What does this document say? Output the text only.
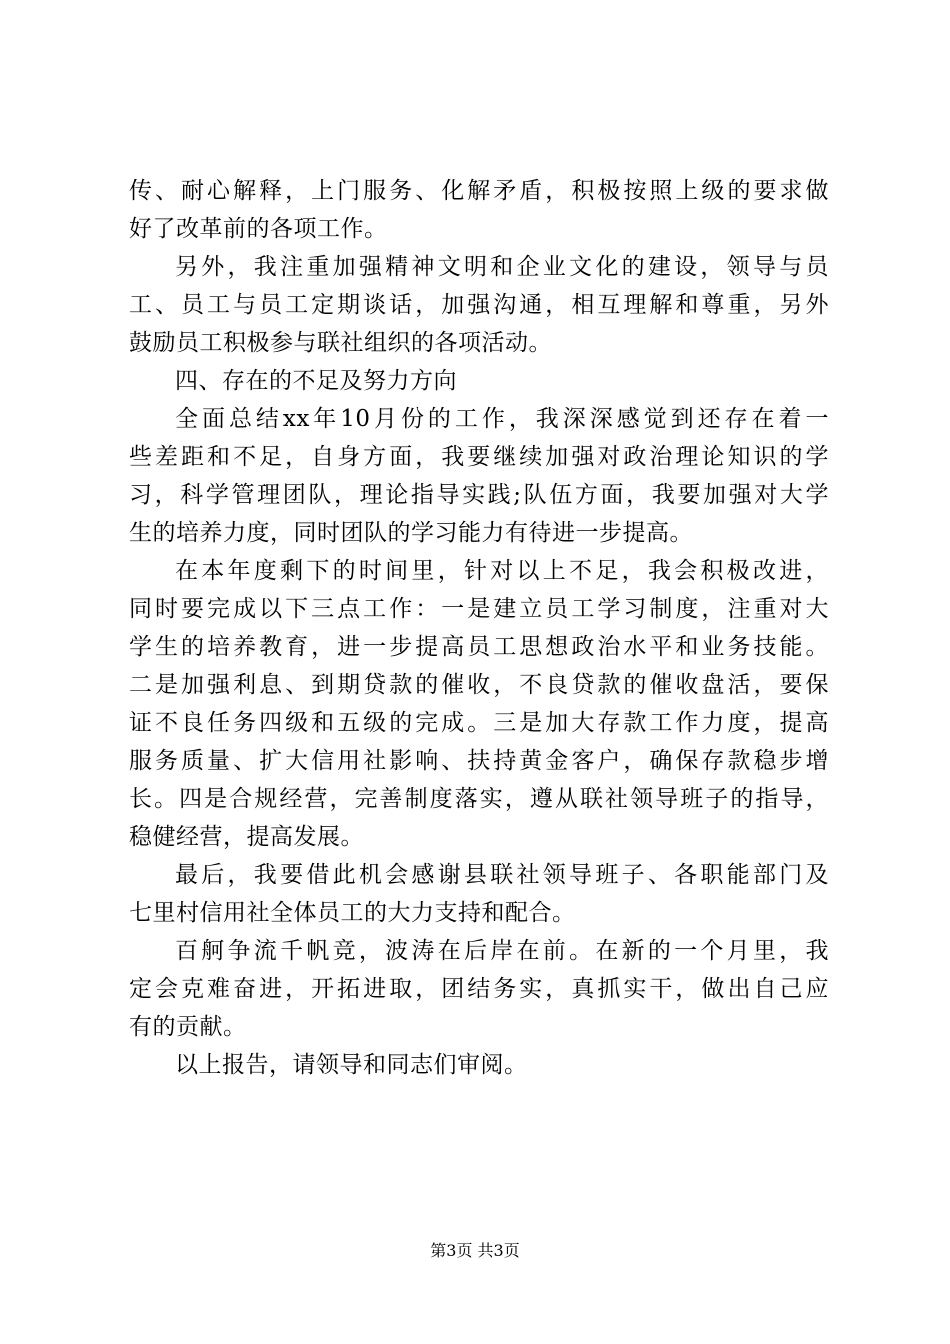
传、耐心解释，上门服务、化解矛盾，积极按照上级的要求做
好了改革前的各项工作。
另外，我注重加强精神文明和企业文化的建设，领导与员
工、员工与员工定期谈话，加强沟通，相互理解和尊重，另外
鼓励员工积极参与联社组织的各项活动。
四、存在的不足及努力方向
全面总结xx年10月份的工作，我深深感觉到还存在着一
些差距和不足，自身方面，我要继续加强对政治理论知识的学
习，科学管理团队，理论指导实践;队伍方面，我要加强对大学
生的培养力度，同时团队的学习能力有待进一步提高。
在本年度剩下的时间里，针对以上不足，我会积极改进，
同时要完成以下三点工作：一是建立员工学习制度，注重对大
学生的培养教育，进一步提高员工思想政治水平和业务技能。
二是加强利息、到期贷款的催收，不良贷款的催收盘活，要保
证不良任务四级和五级的完成。三是加大存款工作力度，提高
服务质量、扩大信用社影响、扶持黄金客户，确保存款稳步增
长。四是合规经营，完善制度落实，遵从联社领导班子的指导，
稳健经营，提高发展。
最后，我要借此机会感谢县联社领导班子、各职能部门及
七里村信用社全体员工的大力支持和配合。
百舸争流千帆竞，波涛在后岸在前。在新的一个月里，我
定会克难奋进，开拓进取，团结务实，真抓实干，做出自己应
有的贡献。
以上报告，请领导和同志们审阅。
第3页 共3页
